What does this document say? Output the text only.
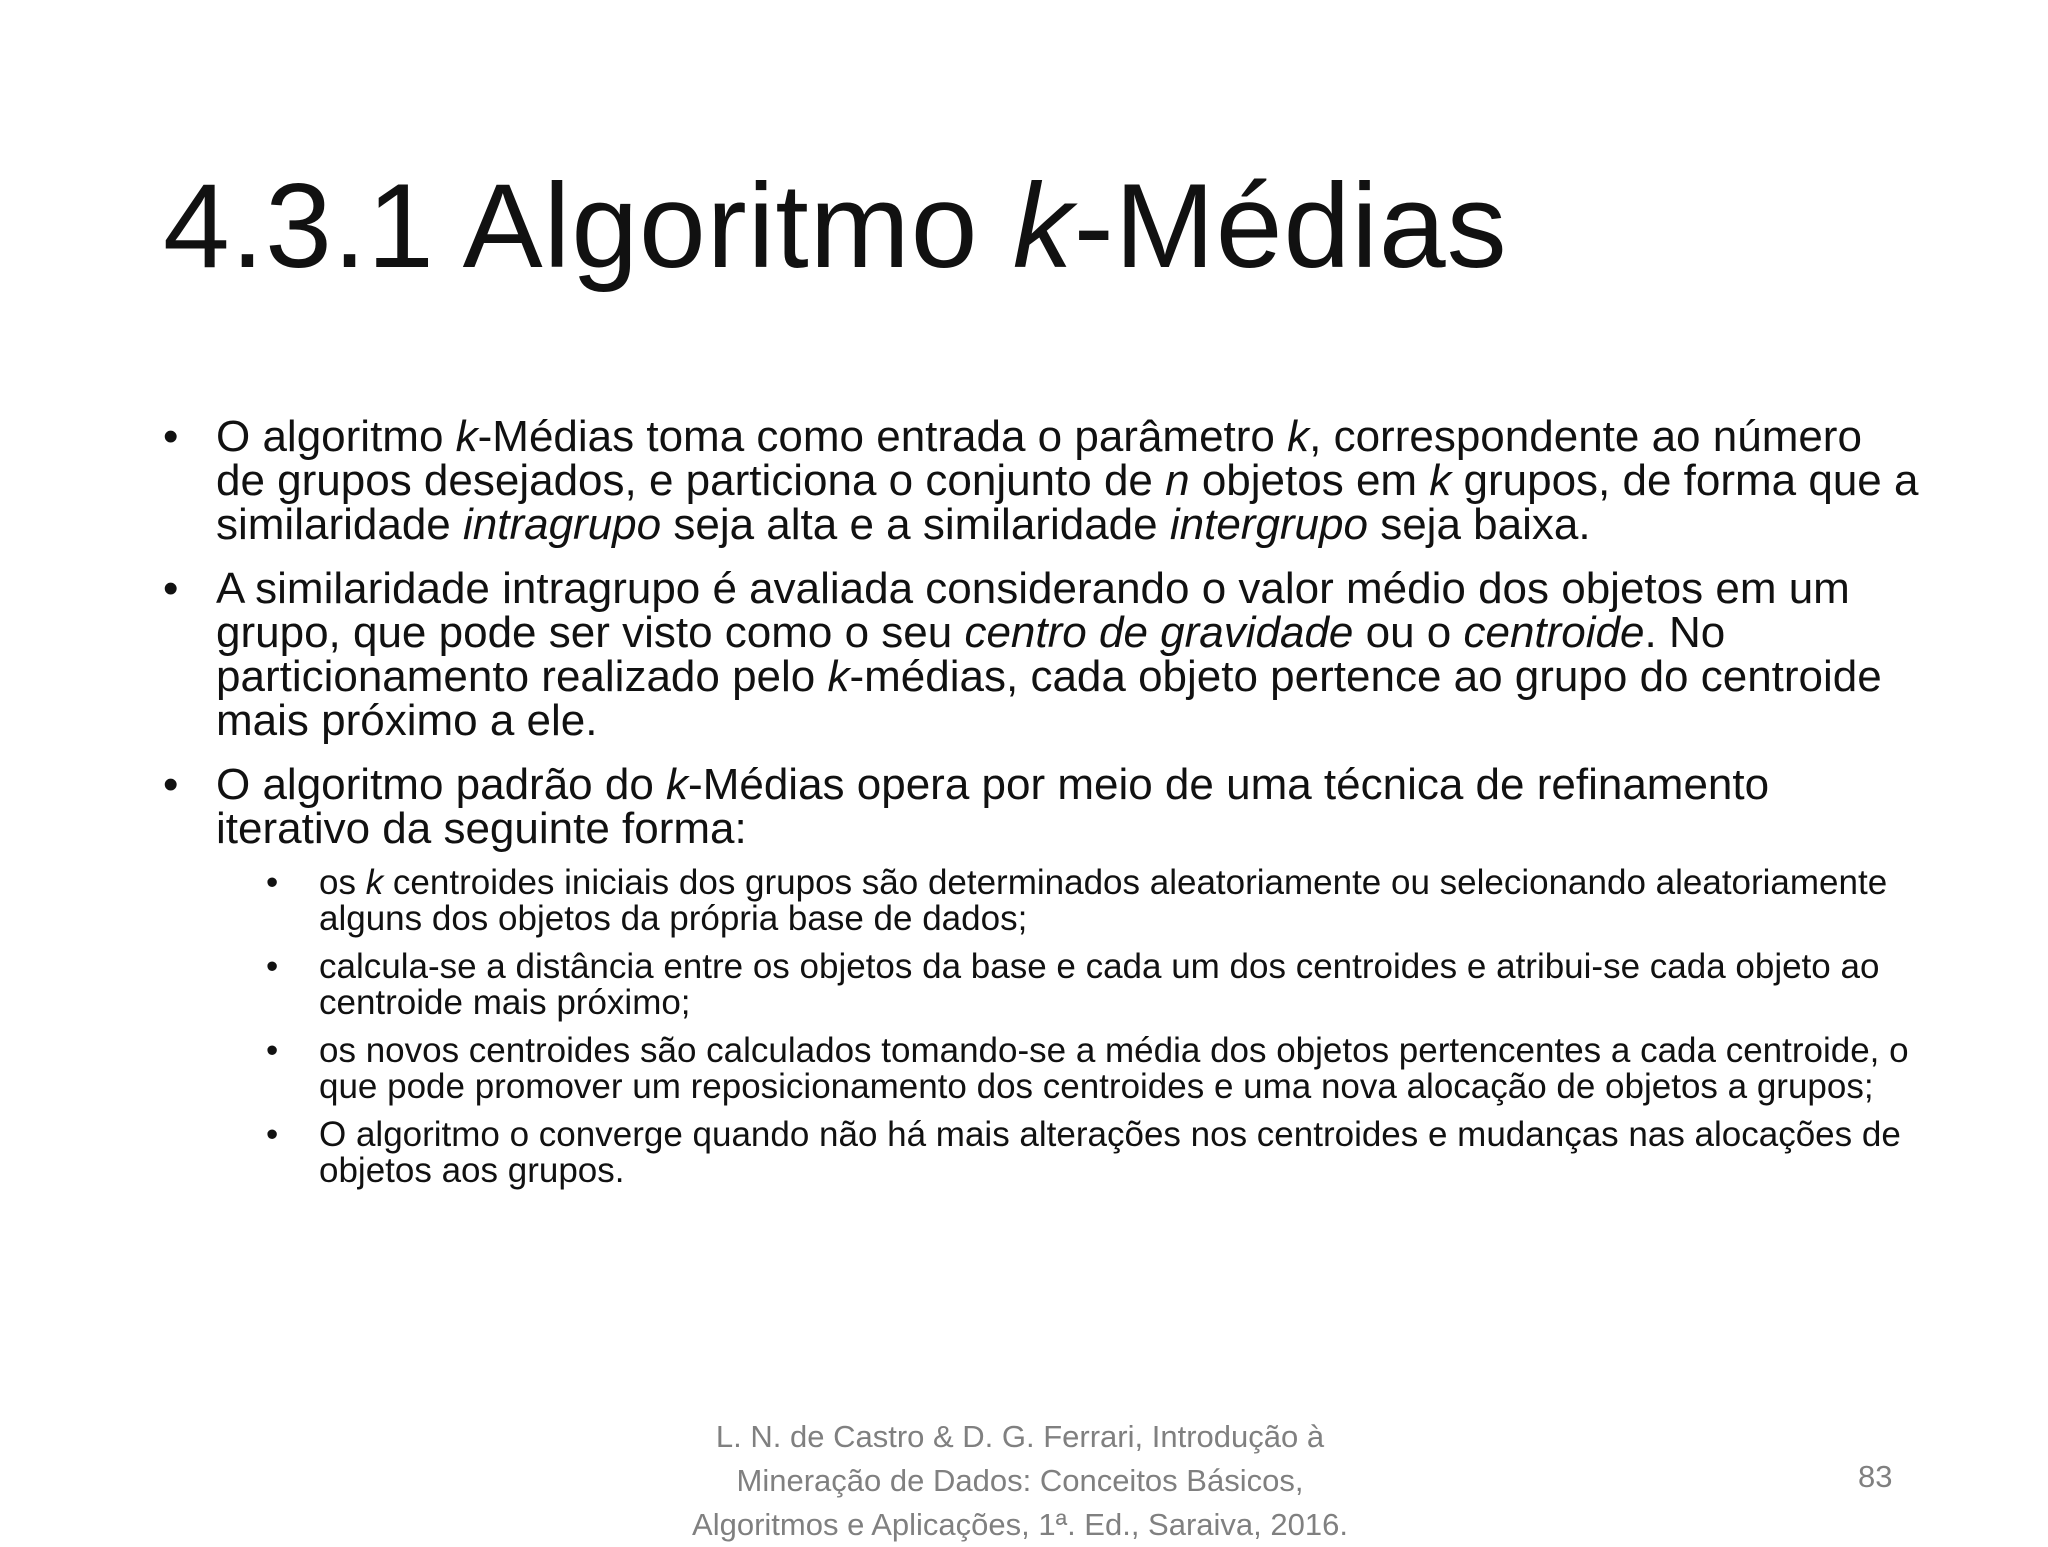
4.3.1 Algoritmo k-Médias
• O algoritmo k-Médias toma como entrada o parâmetro k, correspondente ao número de grupos desejados, e particiona o conjunto de n objetos em k grupos, de forma que a similaridade intragrupo seja alta e a similaridade intergrupo seja baixa.
• A similaridade intragrupo é avaliada considerando o valor médio dos objetos em um grupo, que pode ser visto como o seu centro de gravidade ou o centroide. No particionamento realizado pelo k-médias, cada objeto pertence ao grupo do centroide mais próximo a ele.
• O algoritmo padrão do k-Médias opera por meio de uma técnica de refinamento iterativo da seguinte forma:
• os k centroides iniciais dos grupos são determinados aleatoriamente ou selecionando aleatoriamente alguns dos objetos da própria base de dados;
• calcula-se a distância entre os objetos da base e cada um dos centroides e atribui-se cada objeto ao centroide mais próximo;
• os novos centroides são calculados tomando-se a média dos objetos pertencentes a cada centroide, o que pode promover um reposicionamento dos centroides e uma nova alocação de objetos a grupos;
• O algoritmo o converge quando não há mais alterações nos centroides e mudanças nas alocações de objetos aos grupos.
L. N. de Castro & D. G. Ferrari, Introdução à
Mineração de Dados: Conceitos Básicos,
Algoritmos e Aplicações, 1ª. Ed., Saraiva, 2016.
83
